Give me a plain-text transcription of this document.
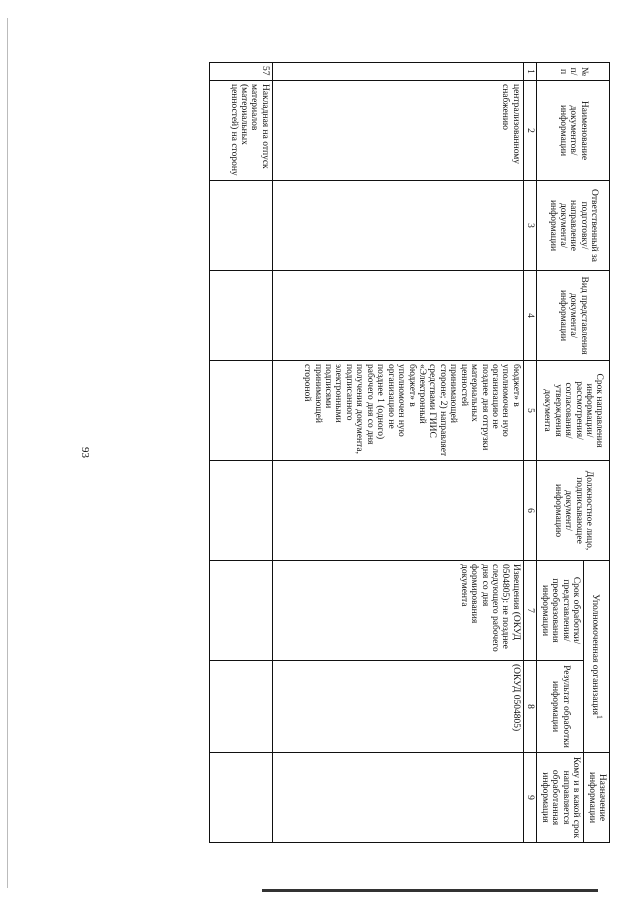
93
№ п/п	Наименование документов/ информации	Ответственный за подготовку/ направление документа/ информации	Вид представления документа/ информации	Срок направления информации/ рассмотрения/ согласования/ утверждения документа	Должностное лицо, подписывающее документ/ информацию	Уполномоченная организация$^1$		Назначение информации
						Срок обработки/ представления/ преобразования информации	Результат обработки информации	Кому и в какой срок направляется обработанная информация
1	2	3	4	5	6	7	8	9
	централизованному снабжению			бюджет» в уполномочен ную организацию не позднее дня отгрузки материальных ценностей принимающей стороне; 2) направляет средствами ГИИС «Электронный бюджет» в уполномочен ную организацию не позднее 1 (одного) рабочего дня со дня получения документа, подписанного электронными подписями принимающей стороной		Извещения (ОКУД 0504805): не позднее следующего рабочего дня со дня формирования документа	(ОКУД 0504805)	
57	Накладная на отпуск материалов (материальных ценностей) на сторону							
